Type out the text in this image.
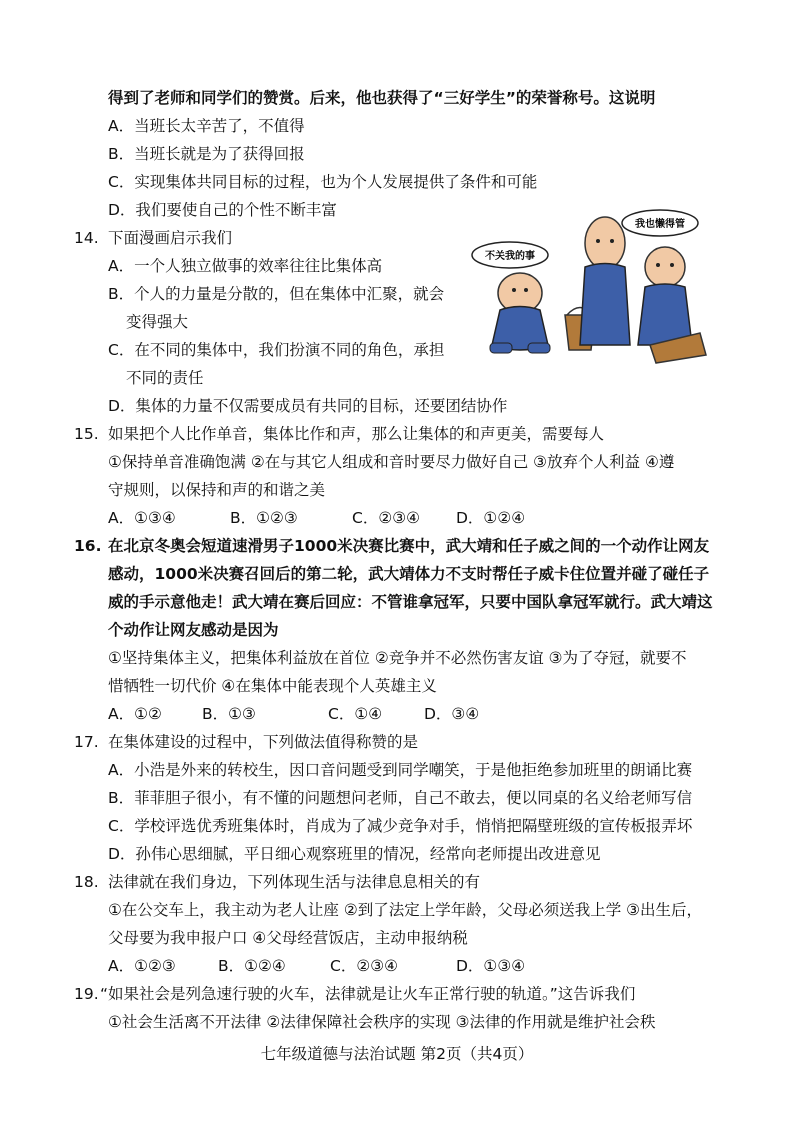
得到了老师和同学们的赞赏。后来，他也获得了“三好学生”的荣誉称号。这说明
A．当班长太辛苦了，不值得
B．当班长就是为了获得回报
C．实现集体共同目标的过程，也为个人发展提供了条件和可能
D．我们要使自己的个性不断丰富
14. 下面漫画启示我们
A．一个人独立做事的效率往往比集体高
B．个人的力量是分散的，但在集体中汇聚，就会
变得强大
C．在不同的集体中，我们扮演不同的角色，承担
不同的责任
D．集体的力量不仅需要成员有共同的目标，还要团结协作
不关我的事
我也懒得管
15. 如果把个人比作单音，集体比作和声，那么让集体的和声更美，需要每人
①保持单音准确饱满 ②在与其它人组成和音时要尽力做好自己 ③放弃个人利益 ④遵
守规则，以保持和声的和谐之美
A．①③④	B．①②③	C．②③④ D．①②④
16. 在北京冬奥会短道速滑男子1000米决赛比赛中，武大靖和任子威之间的一个动作让网友
感动，1000米决赛召回后的第二轮，武大靖体力不支时帮任子威卡住位置并碰了碰任子
威的手示意他走！武大靖在赛后回应：不管谁拿冠军，只要中国队拿冠军就行。武大靖这
个动作让网友感动是因为
①坚持集体主义，把集体利益放在首位 ②竞争并不必然伤害友谊 ③为了夺冠，就要不
惜牺牲一切代价 ④在集体中能表现个人英雄主义
A．①②	B．①③	C．①④	D．③④
17. 在集体建设的过程中，下列做法值得称赞的是
A．小浩是外来的转校生，因口音问题受到同学嘲笑，于是他拒绝参加班里的朗诵比赛
B．菲菲胆子很小，有不懂的问题想问老师，自己不敢去，便以同桌的名义给老师写信
C．学校评选优秀班集体时，肖成为了减少竞争对手，悄悄把隔壁班级的宣传板报弄坏
D．孙伟心思细腻，平日细心观察班里的情况，经常向老师提出改进意见
18. 法律就在我们身边，下列体现生活与法律息息相关的有
①在公交车上，我主动为老人让座 ②到了法定上学年龄，父母必须送我上学 ③出生后，
父母要为我申报户口 ④父母经营饭店，主动申报纳税
A．①②③	B．①②④	C．②③④	D．①③④
19. “如果社会是列急速行驶的火车，法律就是让火车正常行驶的轨道。”这告诉我们
①社会生活离不开法律 ②法律保障社会秩序的实现 ③法律的作用就是维护社会秩
七年级道德与法治试题 第2页（共4页）
